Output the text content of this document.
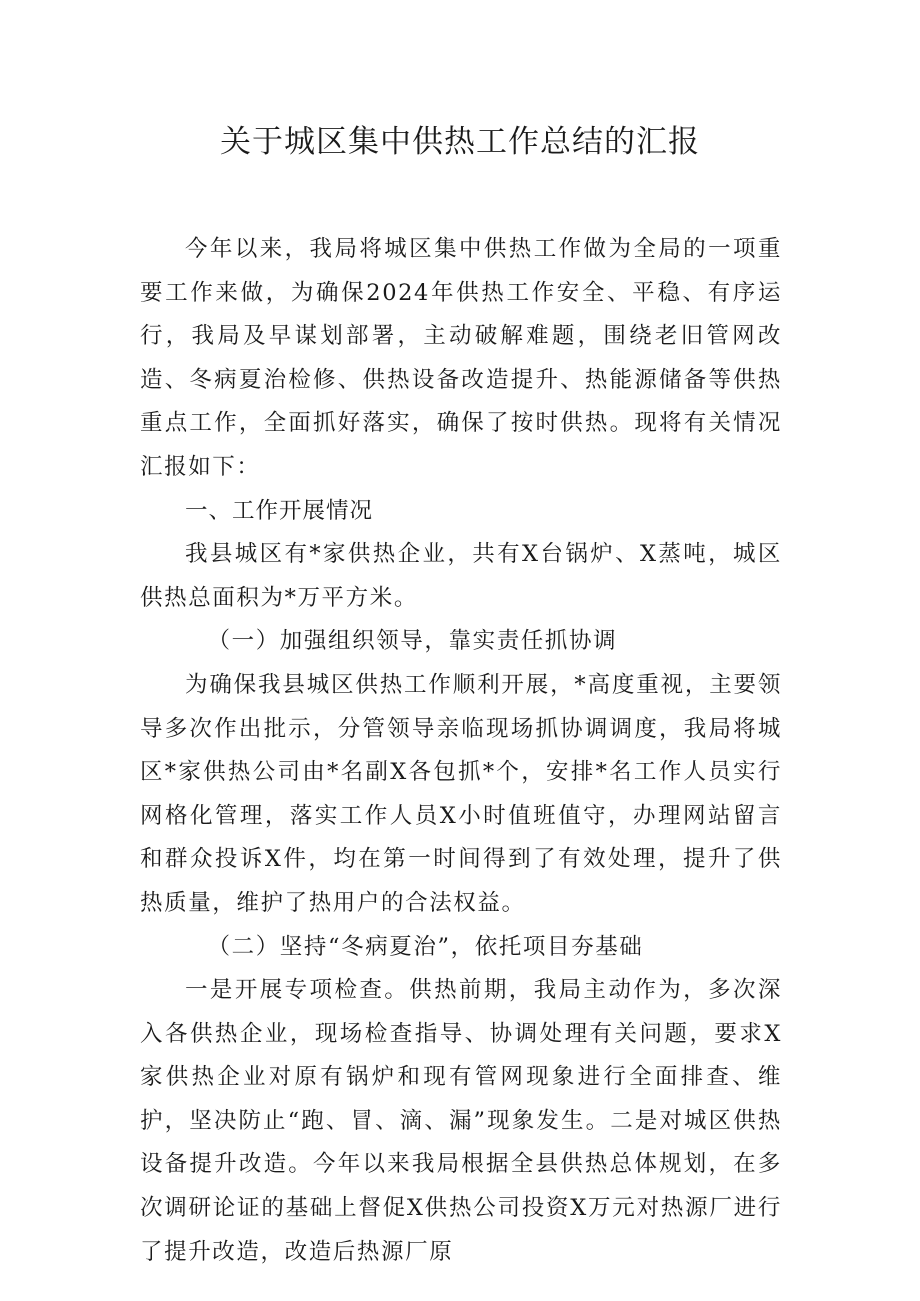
关于城区集中供热工作总结的汇报

今年以来，我局将城区集中供热工作做为全局的一项重要工作来做，为确保2024年供热工作安全、平稳、有序运行，我局及早谋划部署，主动破解难题，围绕老旧管网改造、冬病夏治检修、供热设备改造提升、热能源储备等供热重点工作，全面抓好落实，确保了按时供热。现将有关情况汇报如下：

一、工作开展情况

我县城区有*家供热企业，共有X台锅炉、X蒸吨，城区供热总面积为*万平方米。

（一）加强组织领导，靠实责任抓协调

为确保我县城区供热工作顺利开展，*高度重视，主要领导多次作出批示，分管领导亲临现场抓协调调度，我局将城区*家供热公司由*名副X各包抓*个，安排*名工作人员实行网格化管理，落实工作人员X小时值班值守，办理网站留言和群众投诉X件，均在第一时间得到了有效处理，提升了供热质量，维护了热用户的合法权益。

（二）坚持“冬病夏治”，依托项目夯基础

一是开展专项检查。供热前期，我局主动作为，多次深入各供热企业，现场检查指导、协调处理有关问题，要求X家供热企业对原有锅炉和现有管网现象进行全面排查、维护，坚决防止“跑、冒、滴、漏”现象发生。二是对城区供热设备提升改造。今年以来我局根据全县供热总体规划，在多次调研论证的基础上督促X供热公司投资X万元对热源厂进行了提升改造，改造后热源厂原
